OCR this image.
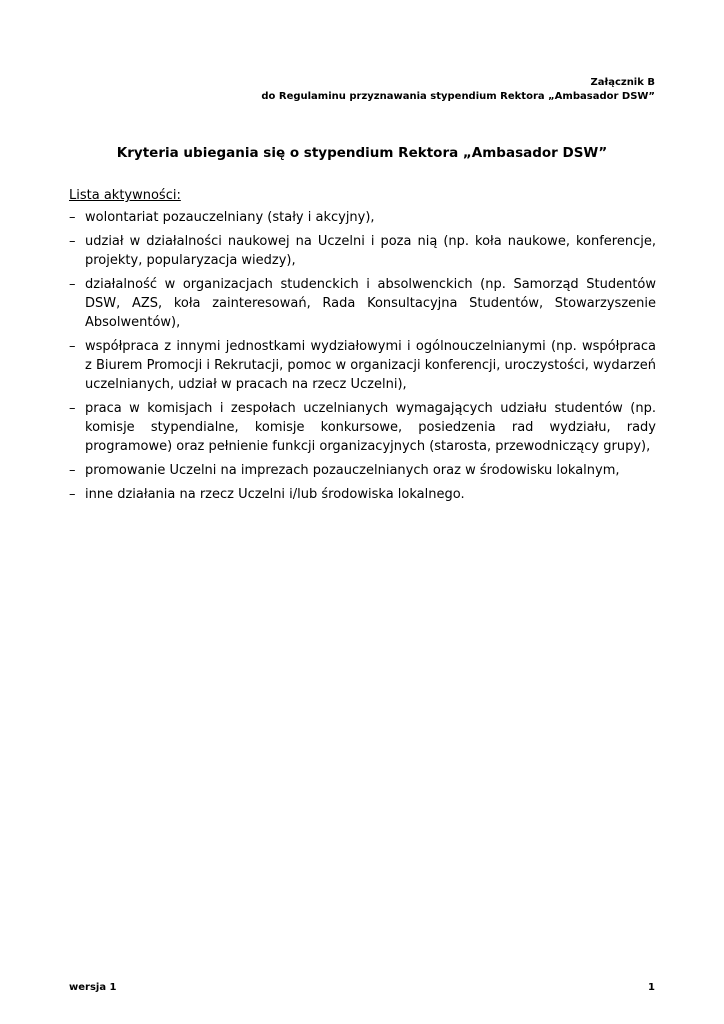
Załącznik B
do Regulaminu przyznawania stypendium Rektora „Ambasador DSW”
Kryteria ubiegania się o stypendium Rektora „Ambasador DSW”
Lista aktywności:
– wolontariat pozauczelniany (stały i akcyjny),
– udział w działalności naukowej na Uczelni i poza nią (np. koła naukowe, konferencje, projekty, popularyzacja wiedzy),
– działalność w organizacjach studenckich i absolwenckich (np. Samorząd Studentów DSW, AZS, koła zainteresowań, Rada Konsultacyjna Studentów, Stowarzyszenie Absolwentów),
– współpraca z innymi jednostkami wydziałowymi i ogólnouczelnianymi (np. współpraca z Biurem Promocji i Rekrutacji, pomoc w organizacji konferencji, uroczystości, wydarzeń uczelnianych, udział w pracach na rzecz Uczelni),
– praca w komisjach i zespołach uczelnianych wymagających udziału studentów (np. komisje stypendialne, komisje konkursowe, posiedzenia rad wydziału, rady programowe) oraz pełnienie funkcji organizacyjnych (starosta, przewodniczący grupy),
– promowanie Uczelni na imprezach pozauczelnianych oraz w środowisku lokalnym,
– inne działania na rzecz Uczelni i/lub środowiska lokalnego.
wersja 1	1
